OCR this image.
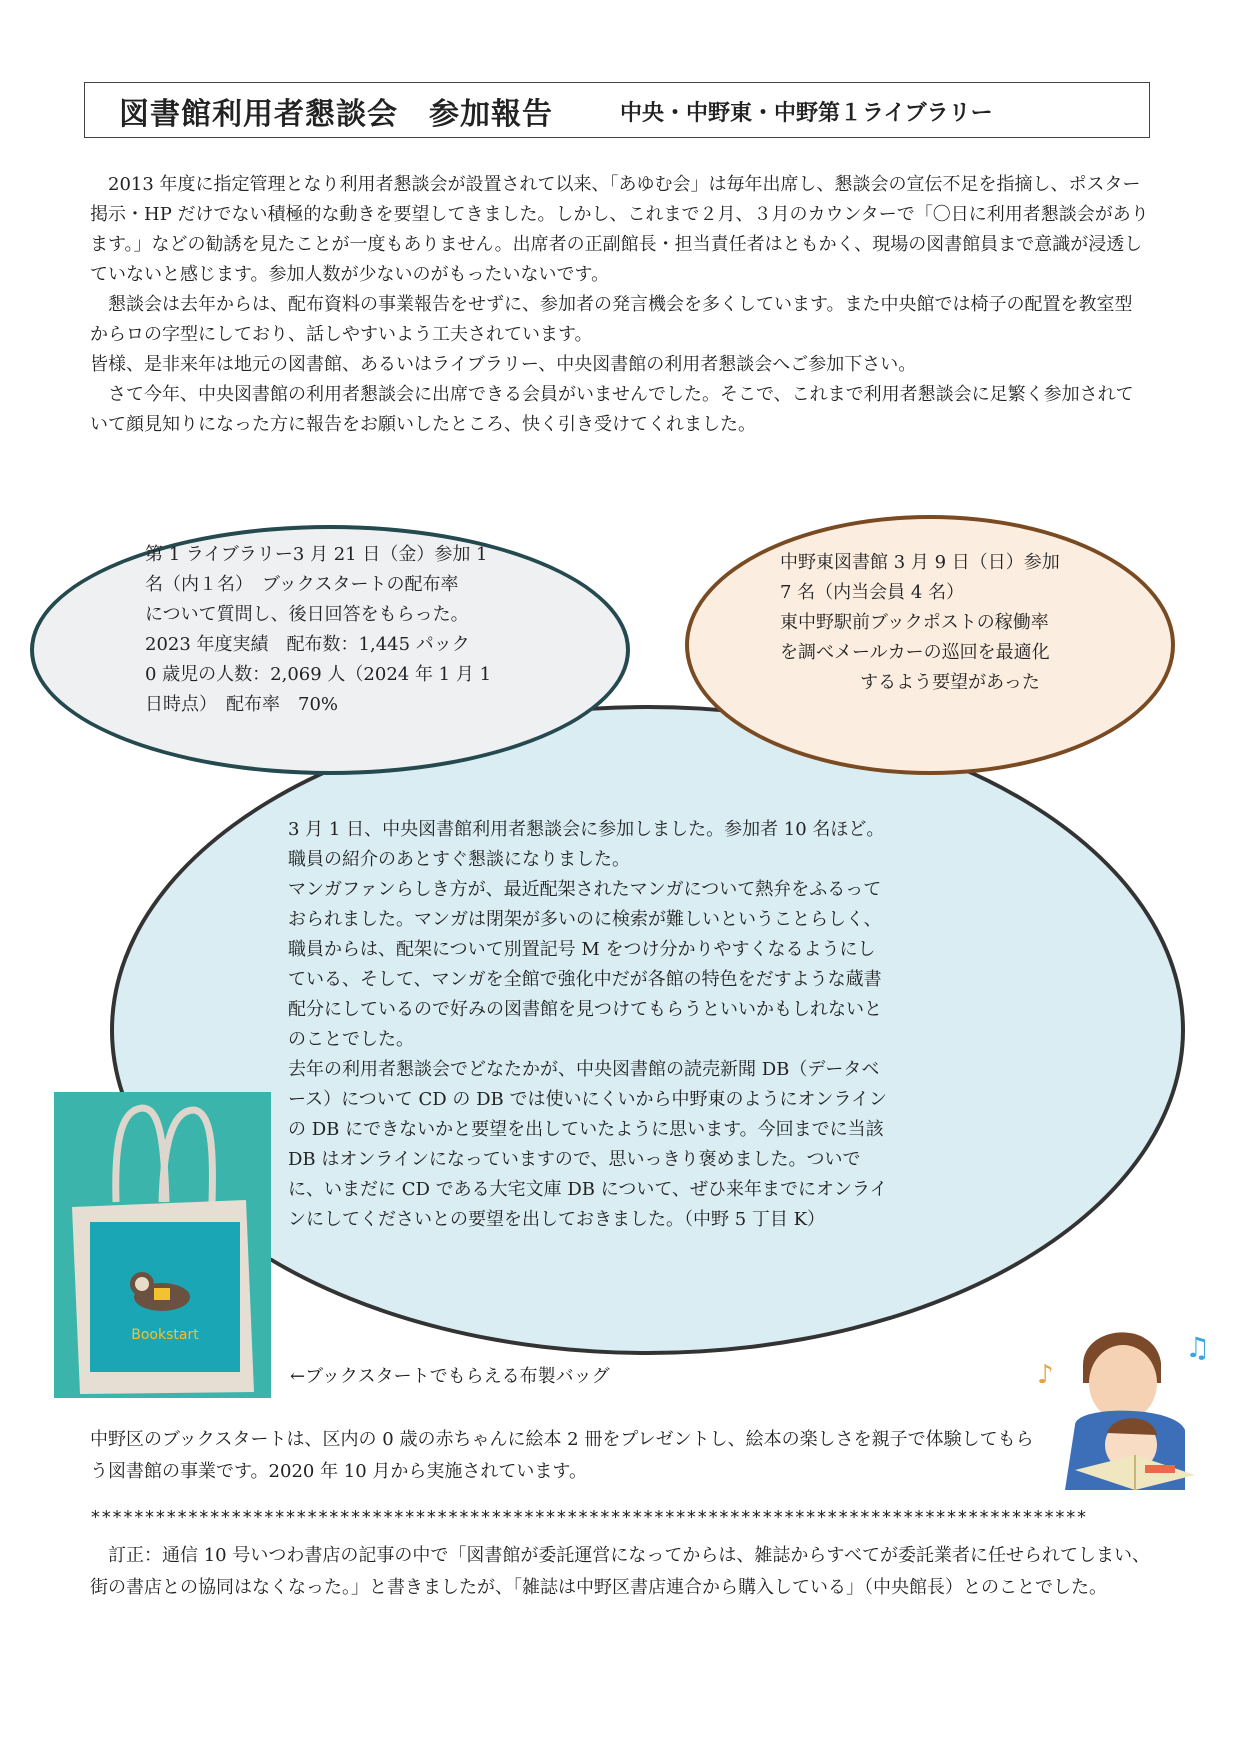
図書館利用者懇談会　参加報告	中央・中野東・中野第１ライブラリー

2013 年度に指定管理となり利用者懇談会が設置されて以来、「あゆむ会」は毎年出席し、懇談会の宣伝不足を指摘し、ポスター掲示・HP だけでない積極的な動きを要望してきました。しかし、これまで２月、３月のカウンターで「〇日に利用者懇談会があります。」などの勧誘を見たことが一度もありません。出席者の正副館長・担当責任者はともかく、現場の図書館員まで意識が浸透していないと感じます。参加人数が少ないのがもったいないです。

懇談会は去年からは、配布資料の事業報告をせずに、参加者の発言機会を多くしています。また中央館では椅子の配置を教室型からロの字型にしており、話しやすいよう工夫されています。

皆様、是非来年は地元の図書館、あるいはライブラリー、中央図書館の利用者懇談会へご参加下さい。

さて今年、中央図書館の利用者懇談会に出席できる会員がいませんでした。そこで、これまで利用者懇談会に足繁く参加されていて顔見知りになった方に報告をお願いしたところ、快く引き受けてくれました。

第 1 ライブラリー3 月 21 日（金）参加 1
名（内１名）　ブックスタートの配布率
について質問し、後日回答をもらった。
2023 年度実績　配布数：1,445 パック
0 歳児の人数：2,069 人（2024 年 1 月 1
日時点）　配布率　70%
中野東図書館 3 月 9 日（日）参加
7 名（内当会員 4 名）
東中野駅前ブックポストの稼働率
を調べメールカーの巡回を最適化
するよう要望があった
3 月 1 日、中央図書館利用者懇談会に参加しました。参加者 10 名ほど。
職員の紹介のあとすぐ懇談になりました。
マンガファンらしき方が、最近配架されたマンガについて熱弁をふるって
おられました。マンガは閉架が多いのに検索が難しいということらしく、
職員からは、配架について別置記号 M をつけ分かりやすくなるようにし
ている、そして、マンガを全館で強化中だが各館の特色をだすような蔵書
配分にしているので好みの図書館を見つけてもらうといいかもしれないと
のことでした。
去年の利用者懇談会でどなたかが、中央図書館の読売新聞 DB（データベ
ース）について CD の DB では使いにくいから中野東のようにオンライン
の DB にできないかと要望を出していたように思います。今回までに当該
DB はオンラインになっていますので、思いっきり褒めました。ついで
に、いまだに CD である大宅文庫 DB について、ぜひ来年までにオンライ
ンにしてくださいとの要望を出しておきました。（中野 5 丁目 K）
Bookstart
←ブックスタートでもらえる布製バッグ	♪
♫
中野区のブックスタートは、区内の 0 歳の赤ちゃんに絵本 2 冊をプレゼントし、絵本の楽しさを親子で体験してもらう図書館の事業です。2020 年 10 月から実施されています。
********************************************************************************************

訂正：通信 10 号いつわ書店の記事の中で「図書館が委託運営になってからは、雑誌からすべてが委託業者に任せられてしまい、街の書店との協同はなくなった。」と書きましたが、「雑誌は中野区書店連合から購入している」（中央館長）とのことでした。
